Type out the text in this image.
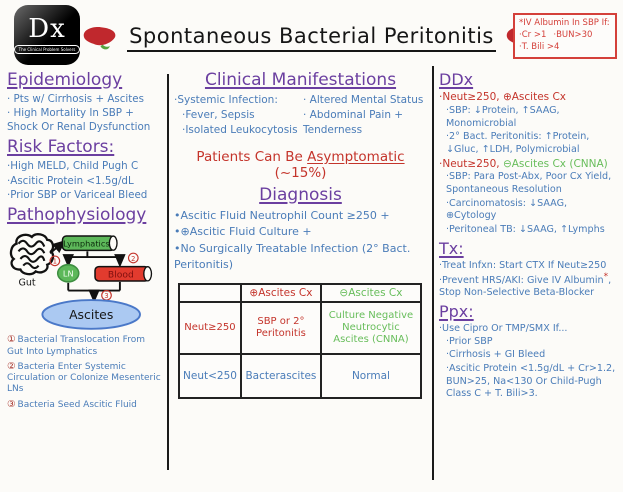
Dx
The Clinical Problem Solvers
Spontaneous Bacterial Peritonitis
*IV Albumin In SBP If:
·Cr >1 ·BUN>30
·T. Bili >4
Epidemiology
· Pts w/ Cirrhosis + Ascites
· High Mortality In SBP + Shock Or Renal Dysfunction
Risk Factors:
·High MELD, Child Pugh C
·Ascitic Protein <1.5g/dL
·Prior SBP or Variceal Bleed
Pathophysiology
Gut
1
Lymphatics
2
LN	Blood
3
Ascites
① Bacterial Translocation From Gut Into Lymphatics
② Bacteria Enter Systemic Circulation or Colonize Mesenteric LNs
③ Bacteria Seed Ascitic Fluid
Clinical Manifestations
·Systemic Infection:
·Fever, Sepsis
·Isolated Leukocytosis
· Altered Mental Status
· Abdominal Pain + Tenderness
Patients Can Be Asymptomatic (~15%)
Diagnosis
•Ascitic Fluid Neutrophil Count ≥250 +
•⊕Ascitic Fluid Culture +
•No Surgically Treatable Infection (2° Bact. Peritonitis)
	⊕Ascites Cx	⊖Ascites Cx
Neut≥250	SBP or 2° Peritonitis	Culture Negative Neutrocytic Ascites (CNNA)
Neut<250	Bacterascites	Normal
DDx
·Neut≥250, ⊕Ascites Cx
·SBP: ↓Protein, ↑SAAG, Monomicrobial
·2° Bact. Peritonitis: ↑Protein, ↓Gluc, ↑LDH, Polymicrobial
·Neut≥250, ⊖Ascites Cx (CNNA)
·SBP: Para Post-Abx, Poor Cx Yield, Spontaneous Resolution
·Carcinomatosis: ↓SAAG, ⊕Cytology
·Peritoneal TB: ↓SAAG, ↑Lymphs
Tx:
·Treat Infxn: Start CTX If Neut≥250
·Prevent HRS/AKI: Give IV Albumin*, Stop Non-Selective Beta-Blocker
Ppx:
·Use Cipro Or TMP/SMX If...
·Prior SBP
·Cirrhosis + GI Bleed
·Ascitic Protein <1.5g/dL + Cr>1.2, BUN>25, Na<130 Or Child-Pugh Class C + T. Bili>3.
